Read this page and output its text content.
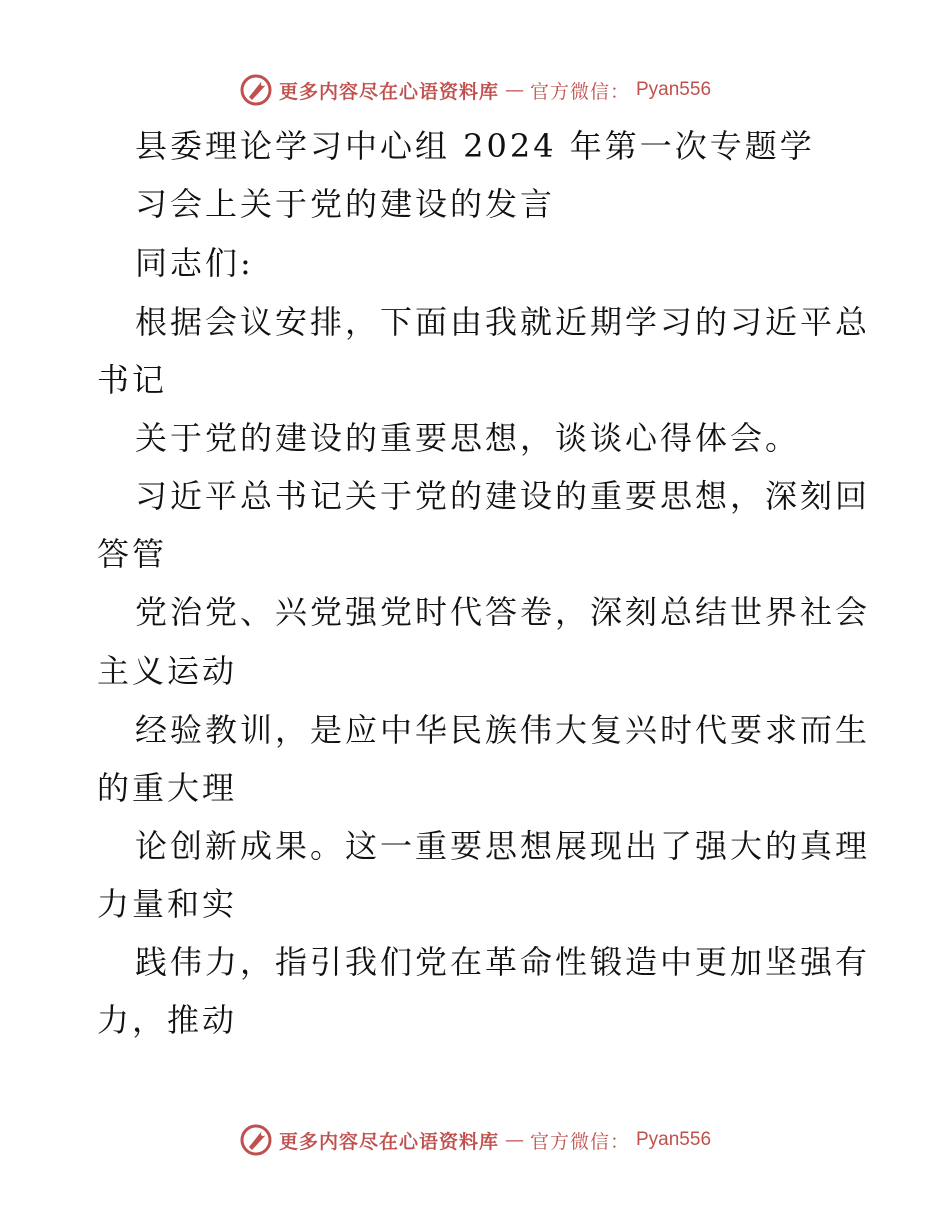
更多内容尽在心语资料库 — 官方微信： Pyan556
县委理论学习中心组 2024 年第一次专题学
习会上关于党的建设的发言
同志们:
根据会议安排，下面由我就近期学习的习近平总
书记
关于党的建设的重要思想，谈谈心得体会。
习近平总书记关于党的建设的重要思想，深刻回
答管
党治党、兴党强党时代答卷，深刻总结世界社会
主义运动
经验教训，是应中华民族伟大复兴时代要求而生
的重大理
论创新成果。这一重要思想展现出了强大的真理
力量和实
践伟力，指引我们党在革命性锻造中更加坚强有
力，推动
更多内容尽在心语资料库 — 官方微信： Pyan556
